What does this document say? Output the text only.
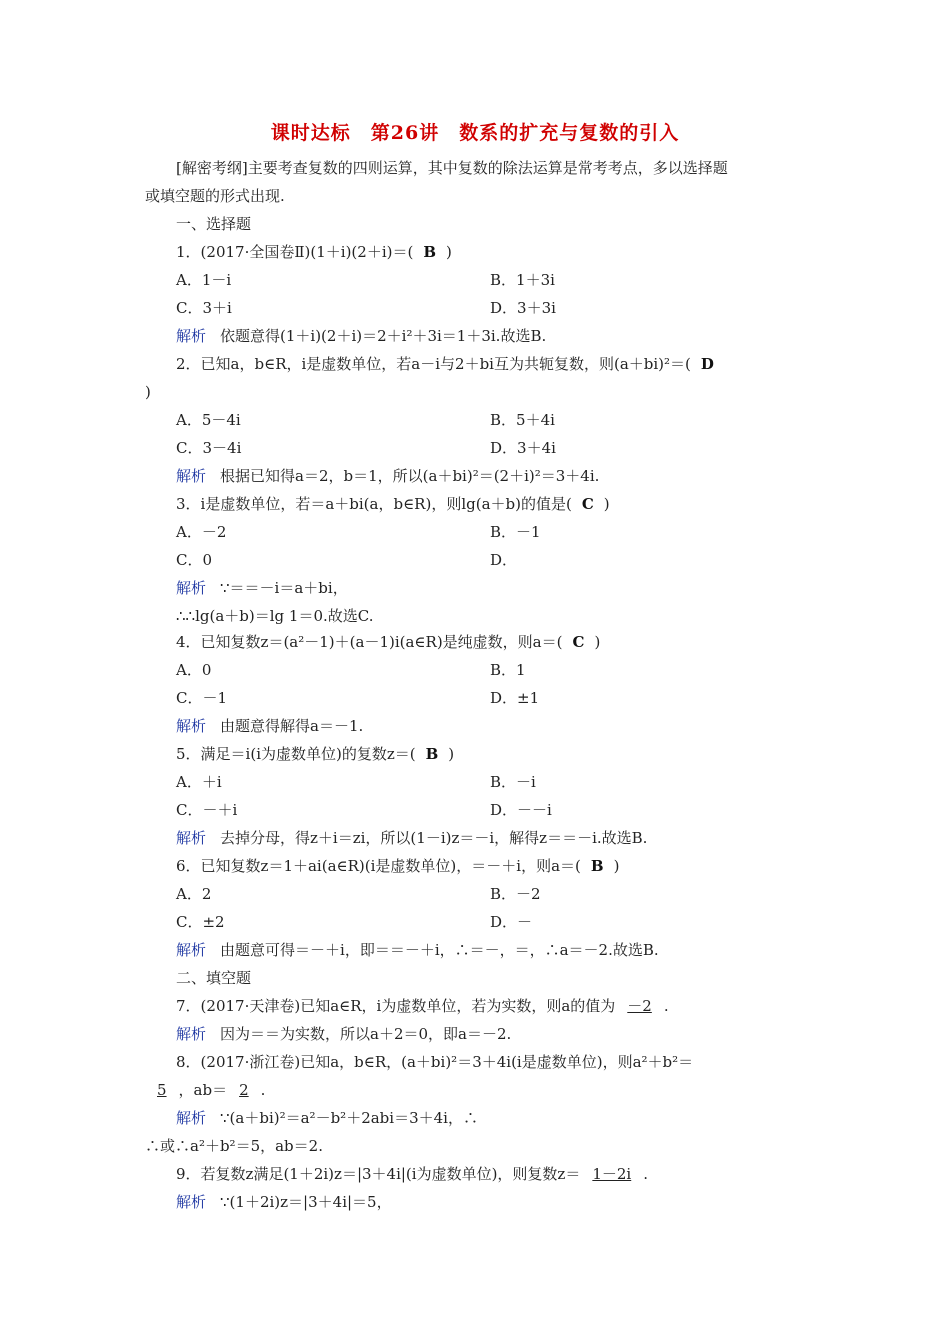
课时达标　第26讲　数系的扩充与复数的引入
[解密考纲]主要考查复数的四则运算，其中复数的除法运算是常考考点，多以选择题
或填空题的形式出现.
一、选择题
1．(2017·全国卷Ⅱ)(1＋i)(2＋i)＝( B )
A．1－i	B．1＋3i
C．3＋i	D．3＋3i
解析 依题意得(1＋i)(2＋i)＝2＋i²＋3i＝1＋3i.故选B.
2．已知a，b∈R，i是虚数单位，若a－i与2＋bi互为共轭复数，则(a＋bi)²＝( D
)
A．5－4i	B．5＋4i
C．3－4i	D．3＋4i
解析 根据已知得a＝2，b＝1，所以(a＋bi)²＝(2＋i)²＝3＋4i.
3．i是虚数单位，若＝a＋bi(a，b∈R)，则lg(a＋b)的值是( C )
A．－2	B．－1
C．0	D．
解析 ∵＝＝－i＝a＋bi，
∴∴lg(a＋b)＝lg 1＝0.故选C.
4．已知复数z＝(a²－1)＋(a－1)i(a∈R)是纯虚数，则a＝( C )
A．0	B．1
C．－1	D．±1
解析 由题意得解得a＝－1.
5．满足＝i(i为虚数单位)的复数z＝( B )
A．＋i	B．－i
C．－＋i	D．－－i
解析 去掉分母，得z＋i＝zi，所以(1－i)z＝－i，解得z＝＝－i.故选B.
6．已知复数z＝1＋ai(a∈R)(i是虚数单位)，＝－＋i，则a＝( B )
A．2	B．－2
C．±2	D．－
解析 由题意可得＝－＋i，即＝＝－＋i，∴＝－，＝，∴a＝－2.故选B.
二、填空题
7．(2017·天津卷)已知a∈R，i为虚数单位，若为实数，则a的值为 －2 .
解析 因为＝＝为实数，所以a＋2＝0，即a＝－2.
8．(2017·浙江卷)已知a，b∈R，(a＋bi)²＝3＋4i(i是虚数单位)，则a²＋b²＝
5 ，ab＝ 2 .
解析 ∵(a＋bi)²＝a²－b²＋2abi＝3＋4i，∴
∴或∴a²＋b²＝5，ab＝2.
9．若复数z满足(1＋2i)z＝|3＋4i|(i为虚数单位)，则复数z＝ 1－2i .
解析 ∵(1＋2i)z＝|3＋4i|＝5，
